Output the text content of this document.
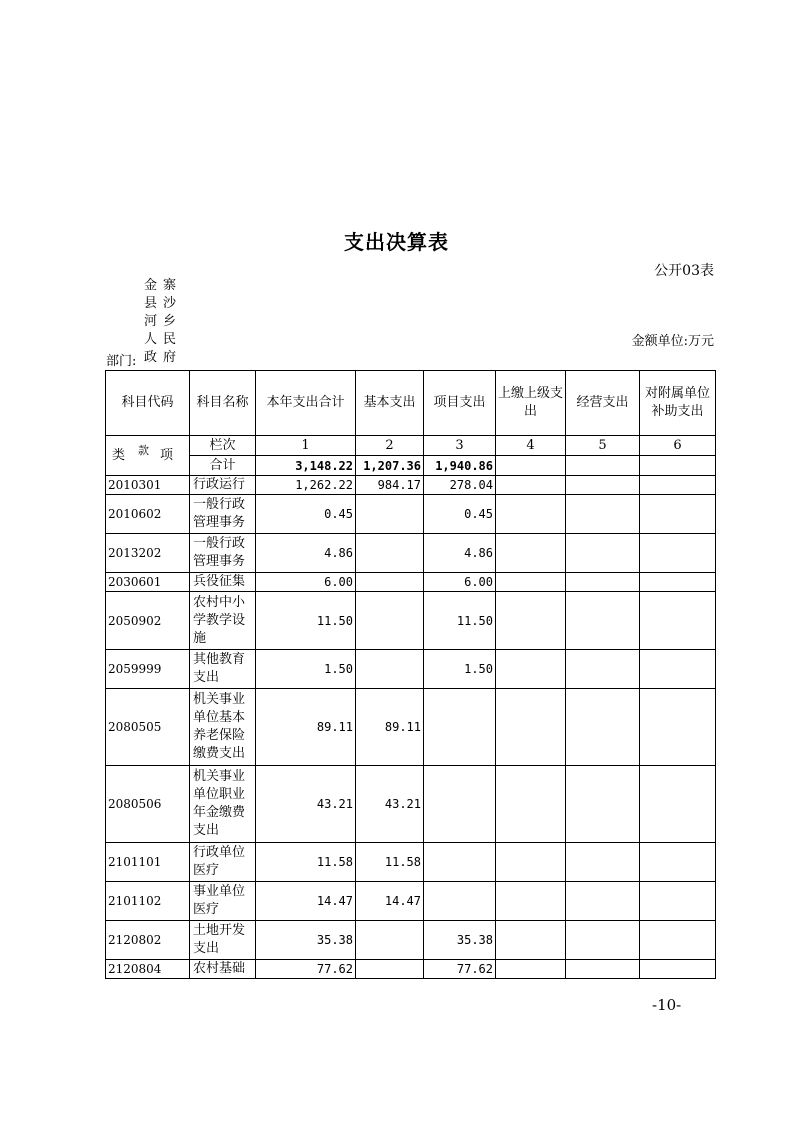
支出决算表
公开03表
金寨县沙河乡人民政府
部门:
金额单位:万元
科目代码	科目名称	本年支出合计	基本支出	项目支出	上缴上级支出	经营支出	对附属单位补助支出

类 款 项	栏次	1	2	3	4	5	6
	合计	3,148.22	1,207.36	1,940.86			
2010301	行政运行	1,262.22	984.17	278.04			
2010602	一般行政管理事务	0.45		0.45			
2013202	一般行政管理事务	4.86		4.86			
2030601	兵役征集	6.00		6.00			
2050902	农村中小学教学设施	11.50		11.50			
2059999	其他教育支出	1.50		1.50			
2080505	机关事业单位基本养老保险缴费支出	89.11	89.11				
2080506	机关事业单位职业年金缴费支出	43.21	43.21				
2101101	行政单位医疗	11.58	11.58				
2101102	事业单位医疗	14.47	14.47				
2120802	土地开发支出	35.38		35.38			
2120804	农村基础	77.62		77.62			
-10-
